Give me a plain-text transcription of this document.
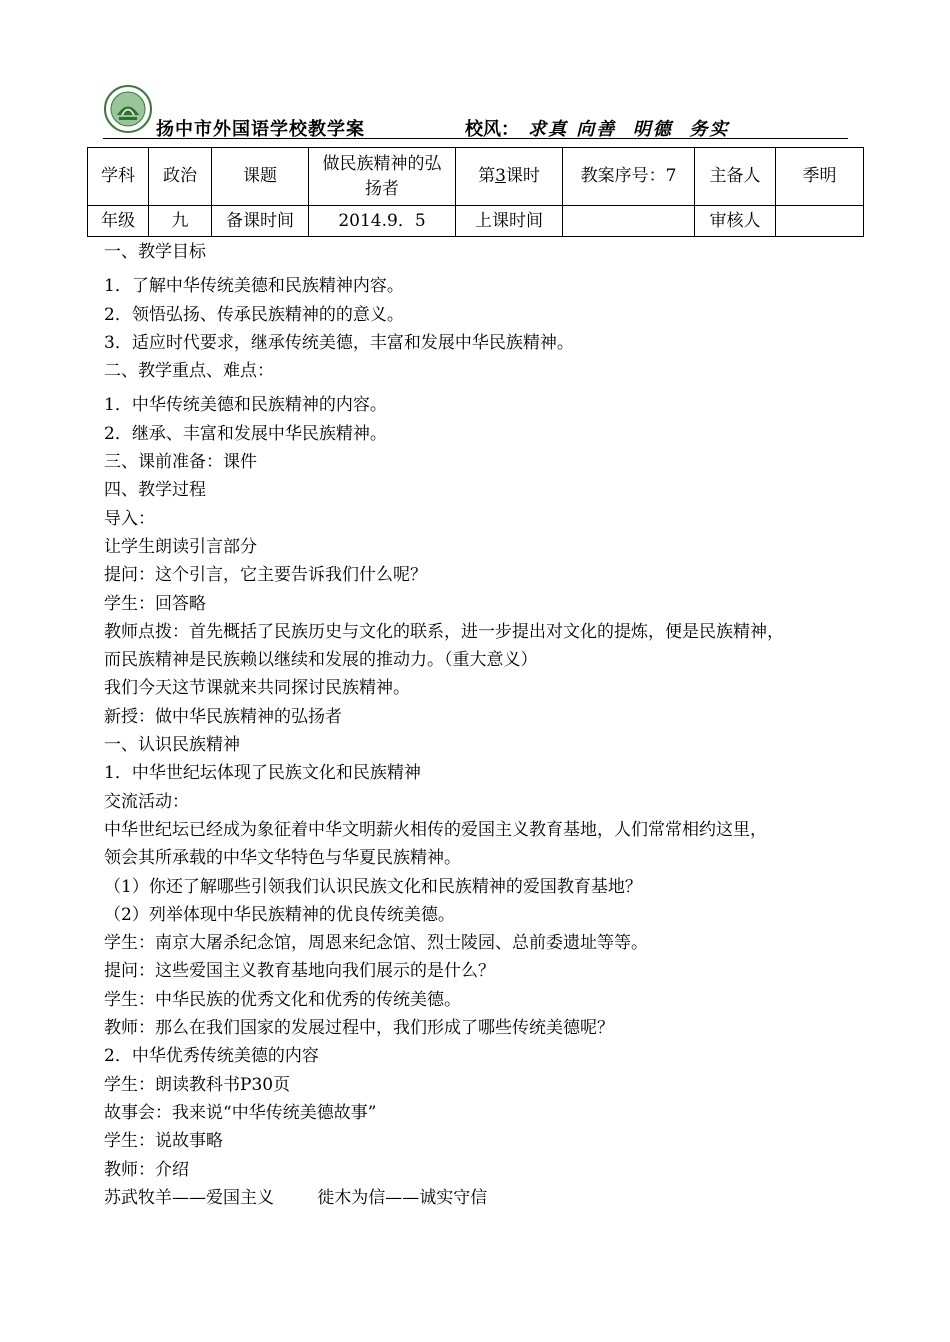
扬中市外国语学校教学案	校风： 求真 向善  明德  务实
学科	政治	课题	做民族精神的弘扬者	第3课时	教案序号：7	主备人	季明
年级	九	备课时间	2014.9．5	上课时间		审核人	
一、教学目标
1．了解中华传统美德和民族精神内容。
2．领悟弘扬、传承民族精神的的意义。
3．适应时代要求，继承传统美德，丰富和发展中华民族精神。
二、教学重点、难点：
1．中华传统美德和民族精神的内容。
2．继承、丰富和发展中华民族精神。
三、课前准备：课件
四、教学过程
导入：
让学生朗读引言部分
提问：这个引言，它主要告诉我们什么呢？
学生：回答略
教师点拨：首先概括了民族历史与文化的联系，进一步提出对文化的提炼，便是民族精神，
而民族精神是民族赖以继续和发展的推动力。（重大意义）
我们今天这节课就来共同探讨民族精神。
新授：做中华民族精神的弘扬者
一、认识民族精神
1．中华世纪坛体现了民族文化和民族精神
交流活动：
中华世纪坛已经成为象征着中华文明薪火相传的爱国主义教育基地，人们常常相约这里，
领会其所承载的中华文华特色与华夏民族精神。
（1）你还了解哪些引领我们认识民族文化和民族精神的爱国教育基地？
（2）列举体现中华民族精神的优良传统美德。
学生：南京大屠杀纪念馆，周恩来纪念馆、烈士陵园、总前委遗址等等。
提问：这些爱国主义教育基地向我们展示的是什么？
学生：中华民族的优秀文化和优秀的传统美德。
教师：那么在我们国家的发展过程中，我们形成了哪些传统美德呢？
2．中华优秀传统美德的内容
学生：朗读教科书P30页
故事会：我来说“中华传统美德故事”
学生：说故事略
教师：介绍
苏武牧羊——爱国主义        徙木为信——诚实守信
